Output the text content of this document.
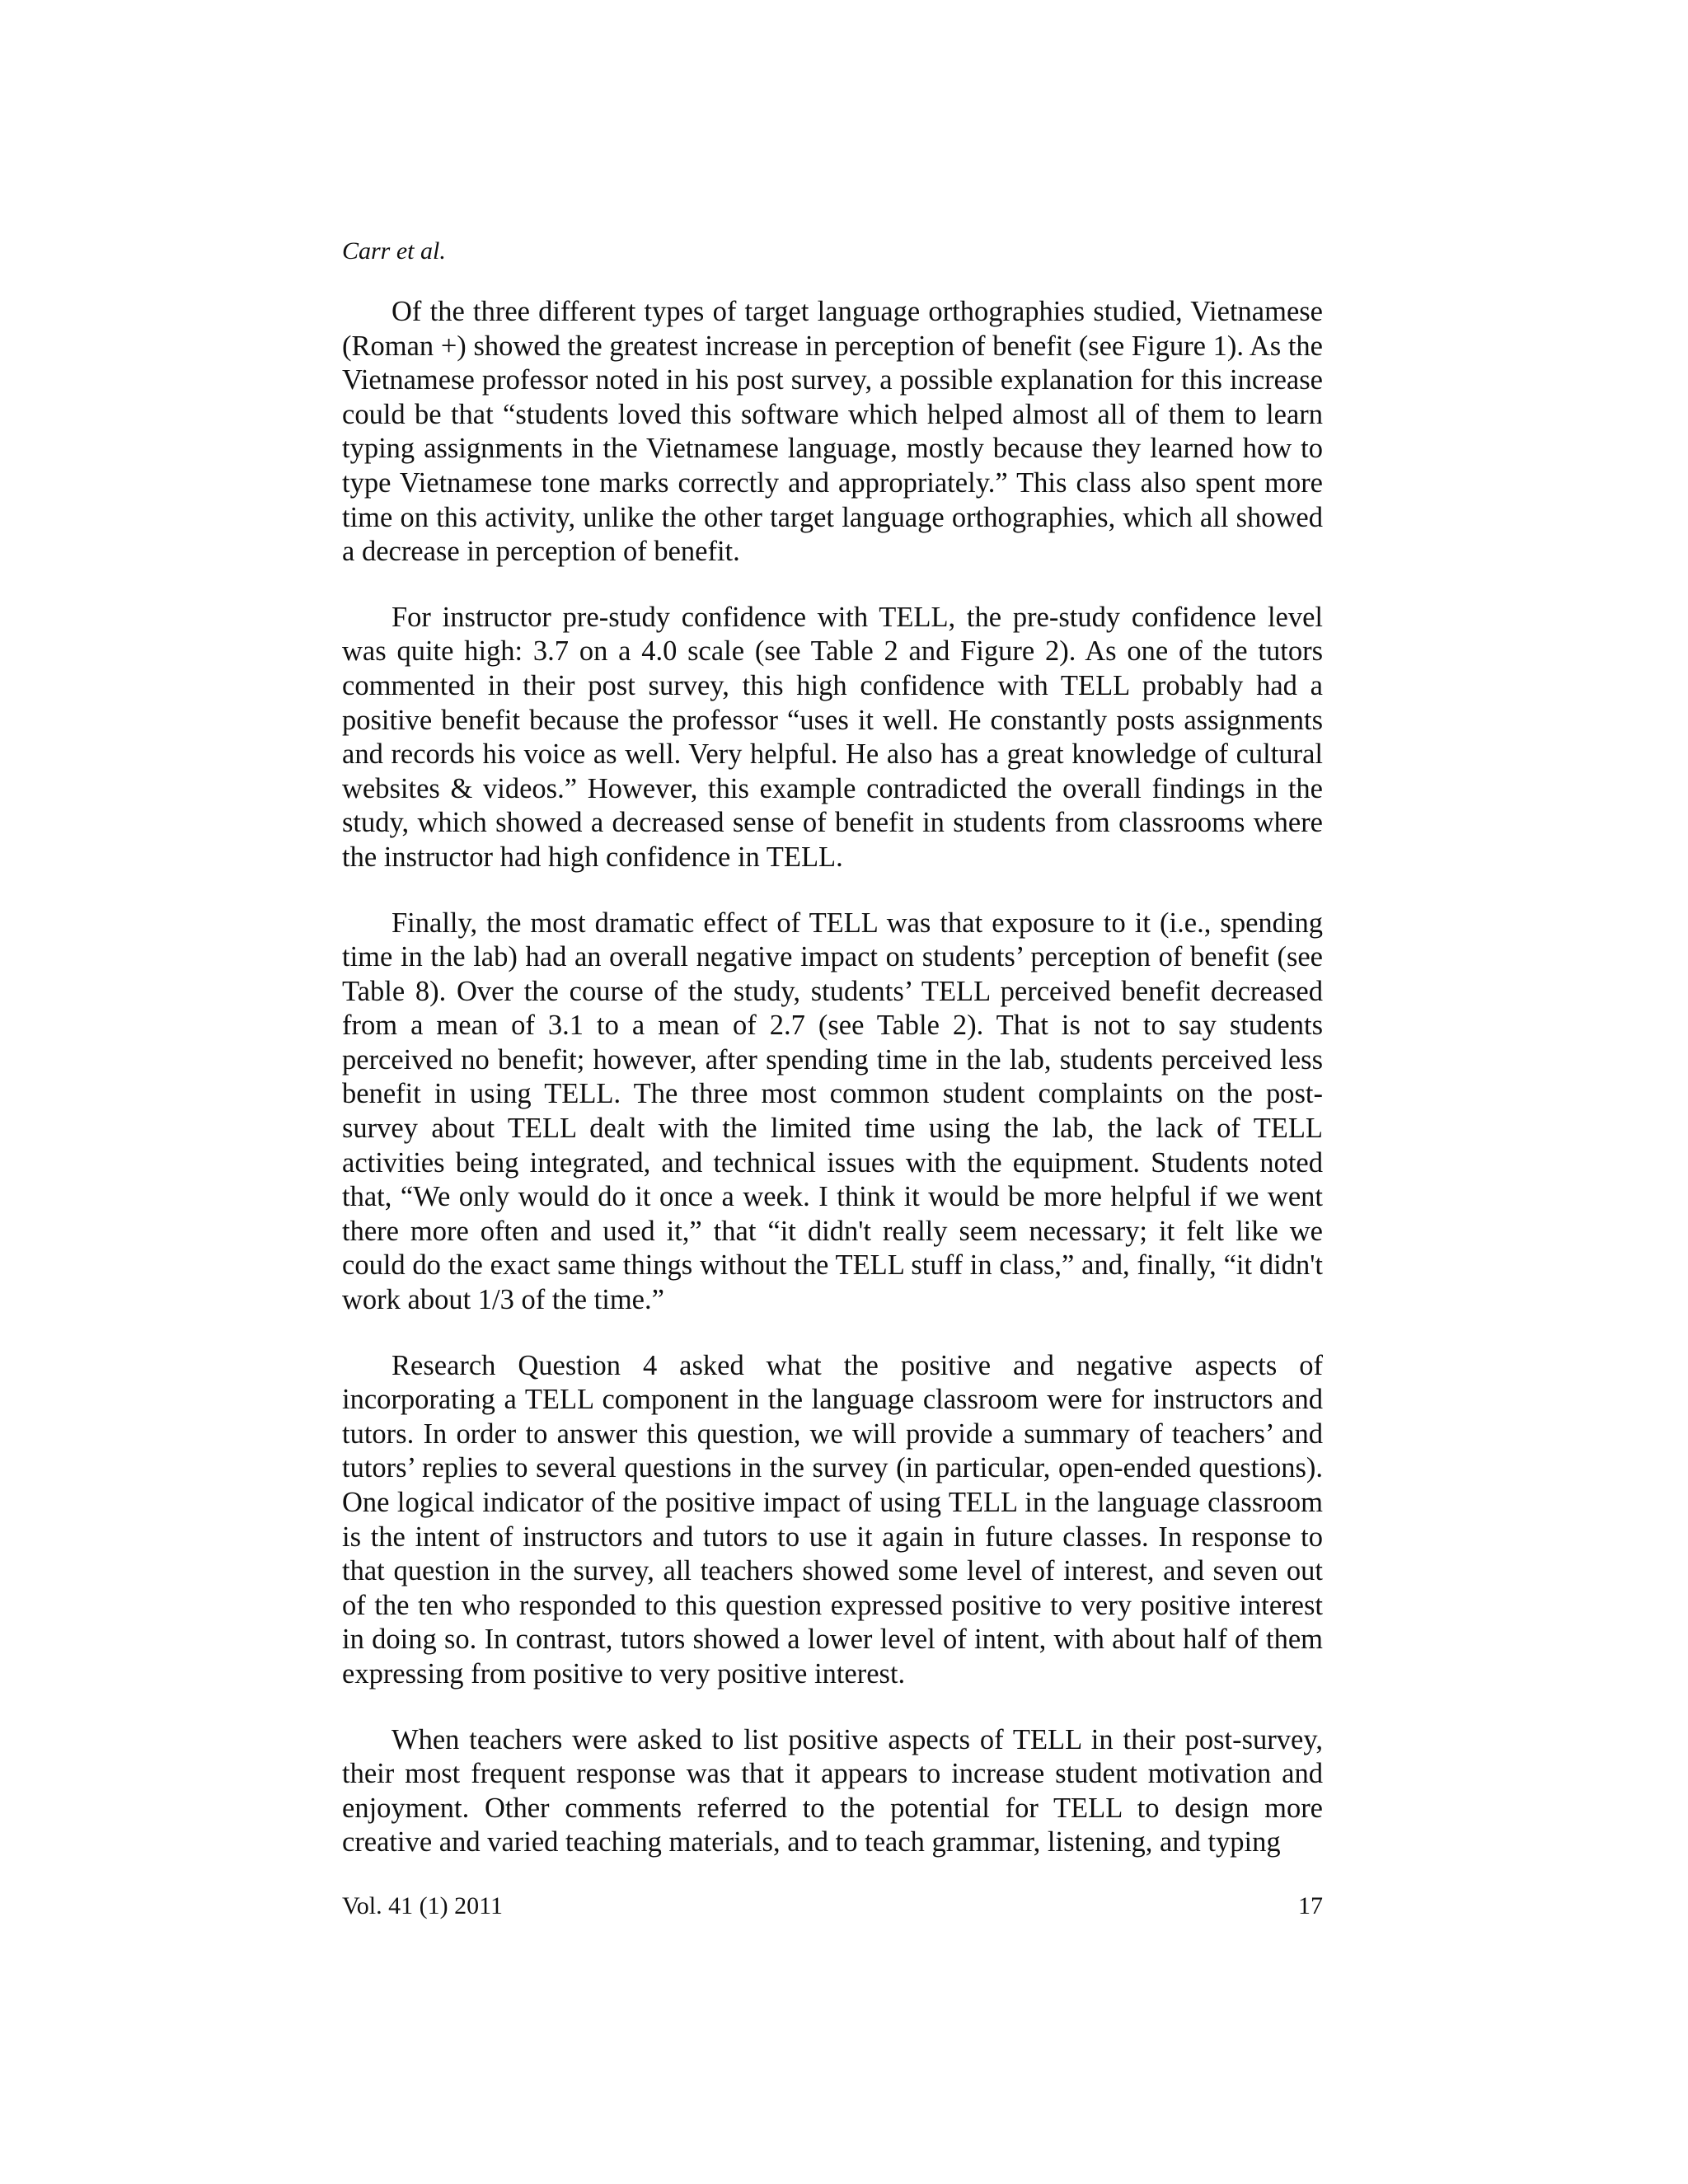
Carr et al.

Of the three different types of target language orthographies studied, Vietnamese (Roman +) showed the greatest increase in perception of benefit (see Figure 1). As the Vietnamese professor noted in his post survey, a possible explanation for this increase could be that “students loved this software which helped almost all of them to learn typing assignments in the Vietnamese language, mostly because they learned how to type Vietnamese tone marks correctly and appropriately.” This class also spent more time on this activity, unlike the other target language orthographies, which all showed a decrease in perception of benefit.

For instructor pre-study confidence with TELL, the pre-study confidence level was quite high: 3.7 on a 4.0 scale (see Table 2 and Figure 2). As one of the tutors commented in their post survey, this high confidence with TELL probably had a positive benefit because the professor “uses it well. He constantly posts assignments and records his voice as well. Very helpful. He also has a great knowledge of cultural websites & videos.” However, this example contradicted the overall findings in the study, which showed a decreased sense of benefit in students from classrooms where the instructor had high confidence in TELL.

Finally, the most dramatic effect of TELL was that exposure to it (i.e., spending time in the lab) had an overall negative impact on students’ perception of benefit (see Table 8). Over the course of the study, students’ TELL perceived benefit decreased from a mean of 3.1 to a mean of 2.7 (see Table 2). That is not to say students perceived no benefit; however, after spending time in the lab, students perceived less benefit in using TELL. The three most common student complaints on the post-survey about TELL dealt with the limited time using the lab, the lack of TELL activities being integrated, and technical issues with the equipment. Students noted that, “We only would do it once a week. I think it would be more helpful if we went there more often and used it,” that “it didn't really seem necessary; it felt like we could do the exact same things without the TELL stuff in class,” and, finally, “it didn't work about 1/3 of the time.”

Research Question 4 asked what the positive and negative aspects of incorporating a TELL component in the language classroom were for instructors and tutors. In order to answer this question, we will provide a summary of teachers’ and tutors’ replies to several questions in the survey (in particular, open-ended questions). One logical indicator of the positive impact of using TELL in the language classroom is the intent of instructors and tutors to use it again in future classes. In response to that question in the survey, all teachers showed some level of interest, and seven out of the ten who responded to this question expressed positive to very positive interest in doing so. In contrast, tutors showed a lower level of intent, with about half of them expressing from positive to very positive interest.

When teachers were asked to list positive aspects of TELL in their post-survey, their most frequent response was that it appears to increase student motivation and enjoyment. Other comments referred to the potential for TELL to design more creative and varied teaching materials, and to teach grammar, listening, and typing

Vol. 41 (1) 2011	17
